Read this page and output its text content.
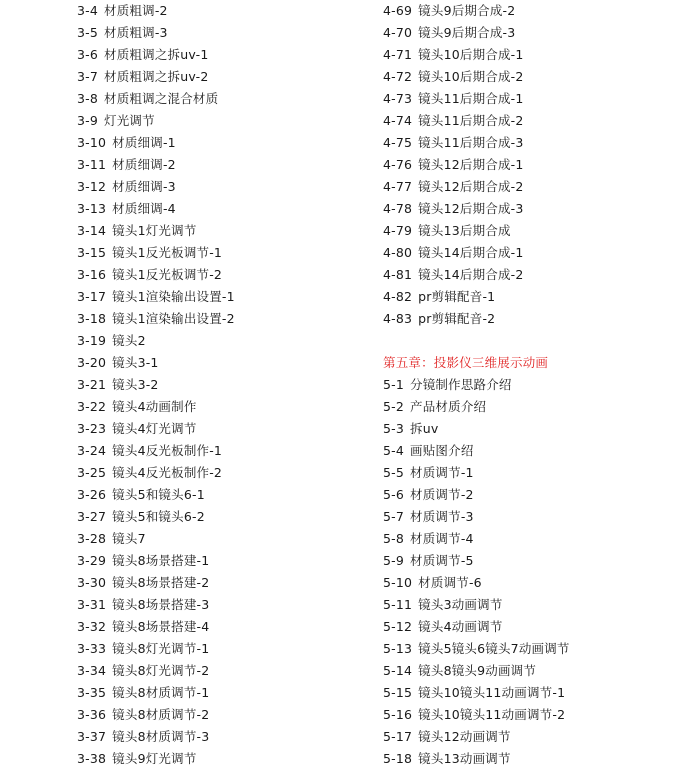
3-4 材质粗调-2
3-5 材质粗调-3
3-6 材质粗调之拆uv-1
3-7 材质粗调之拆uv-2
3-8 材质粗调之混合材质
3-9 灯光调节
3-10 材质细调-1
3-11 材质细调-2
3-12 材质细调-3
3-13 材质细调-4
3-14 镜头1灯光调节
3-15 镜头1反光板调节-1
3-16 镜头1反光板调节-2
3-17 镜头1渲染输出设置-1
3-18 镜头1渲染输出设置-2
3-19 镜头2
3-20 镜头3-1
3-21 镜头3-2
3-22 镜头4动画制作
3-23 镜头4灯光调节
3-24 镜头4反光板制作-1
3-25 镜头4反光板制作-2
3-26 镜头5和镜头6-1
3-27 镜头5和镜头6-2
3-28 镜头7
3-29 镜头8场景搭建-1
3-30 镜头8场景搭建-2
3-31 镜头8场景搭建-3
3-32 镜头8场景搭建-4
3-33 镜头8灯光调节-1
3-34 镜头8灯光调节-2
3-35 镜头8材质调节-1
3-36 镜头8材质调节-2
3-37 镜头8材质调节-3
3-38 镜头9灯光调节
4-69 镜头9后期合成-2
4-70 镜头9后期合成-3
4-71 镜头10后期合成-1
4-72 镜头10后期合成-2
4-73 镜头11后期合成-1
4-74 镜头11后期合成-2
4-75 镜头11后期合成-3
4-76 镜头12后期合成-1
4-77 镜头12后期合成-2
4-78 镜头12后期合成-3
4-79 镜头13后期合成
4-80 镜头14后期合成-1
4-81 镜头14后期合成-2
4-82 pr剪辑配音-1
4-83 pr剪辑配音-2
第五章：投影仪三维展示动画
5-1 分镜制作思路介绍
5-2 产品材质介绍
5-3 拆uv
5-4 画贴图介绍
5-5 材质调节-1
5-6 材质调节-2
5-7 材质调节-3
5-8 材质调节-4
5-9 材质调节-5
5-10 材质调节-6
5-11 镜头3动画调节
5-12 镜头4动画调节
5-13 镜头5镜头6镜头7动画调节
5-14 镜头8镜头9动画调节
5-15 镜头10镜头11动画调节-1
5-16 镜头10镜头11动画调节-2
5-17 镜头12动画调节
5-18 镜头13动画调节
